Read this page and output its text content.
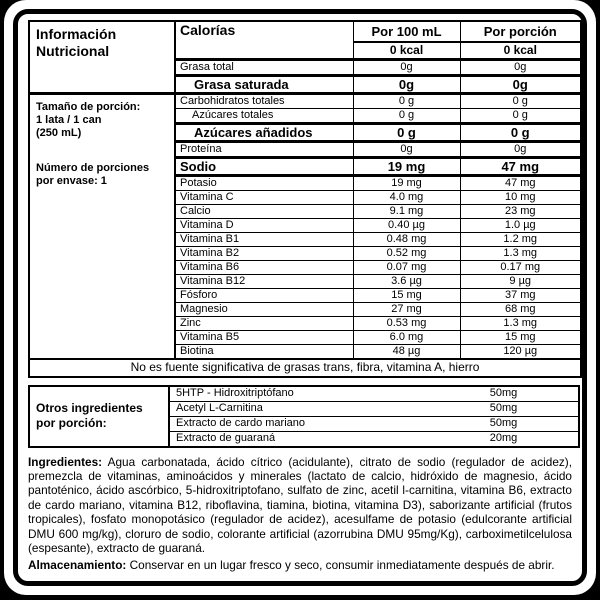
Información Nutricional	Calorías	Por 100 mL	Por porción
		0 kcal	0 kcal
	Grasa total	0g	0g
	Grasa saturada	0g	0g

Tamaño de porción:
1 lata / 1 can
(250 mL)
Número de porciones por envase: 1	Carbohidratos totales	0 g	0 g
	Azúcares totales	0 g	0 g
	Azúcares añadidos	0 g	0 g
	Proteína	0g	0g
	Sodio	19 mg	47 mg
	Potasio	19 mg	47 mg
	Vitamina C	4.0 mg	10 mg
	Calcio	9.1 mg	23 mg
	Vitamina D	0.40 µg	1.0 µg
	Vitamina B1	0.48 mg	1.2 mg
	Vitamina B2	0.52 mg	1.3 mg
	Vitamina B6	0.07 mg	0.17 mg
	Vitamina B12	3.6 µg	9 µg
	Fósforo	15 mg	37 mg
	Magnesio	27 mg	68 mg
	Zinc	0.53 mg	1.3 mg
	Vitamina B5	6.0 mg	15 mg
	Biotina	48 µg	120 µg
No es fuente significativa de grasas trans, fibra, vitamina A, hierro			
Otros ingredientes por porción:	5HTP - Hidroxitriptófano	50mg
	Acetyl L-Carnitina	50mg
	Extracto de cardo mariano	50mg
	Extracto de guaraná	20mg

Ingredientes: Agua carbonatada, ácido cítrico (acidulante), citrato de sodio (regulador de acidez), premezcla de vitaminas, aminoácidos y minerales (lactato de calcio, hidróxido de magnesio, ácido pantoténico, ácido ascórbico, 5-hidroxitriptofano, sulfato de zinc, acetil l-carnitina, vitamina B6, extracto de cardo mariano, vitamina B12, riboflavina, tiamina, biotina, vitamina D3), saborizante artificial (frutos tropicales), fosfato monopotásico (regulador de acidez), acesulfame de potasio (edulcorante artificial DMU 600 mg/kg), cloruro de sodio, colorante artificial (azorrubina DMU 95mg/Kg), carboximetilcelulosa (espesante), extracto de guaraná.

Almacenamiento: Conservar en un lugar fresco y seco, consumir inmediatamente después de abrir.
